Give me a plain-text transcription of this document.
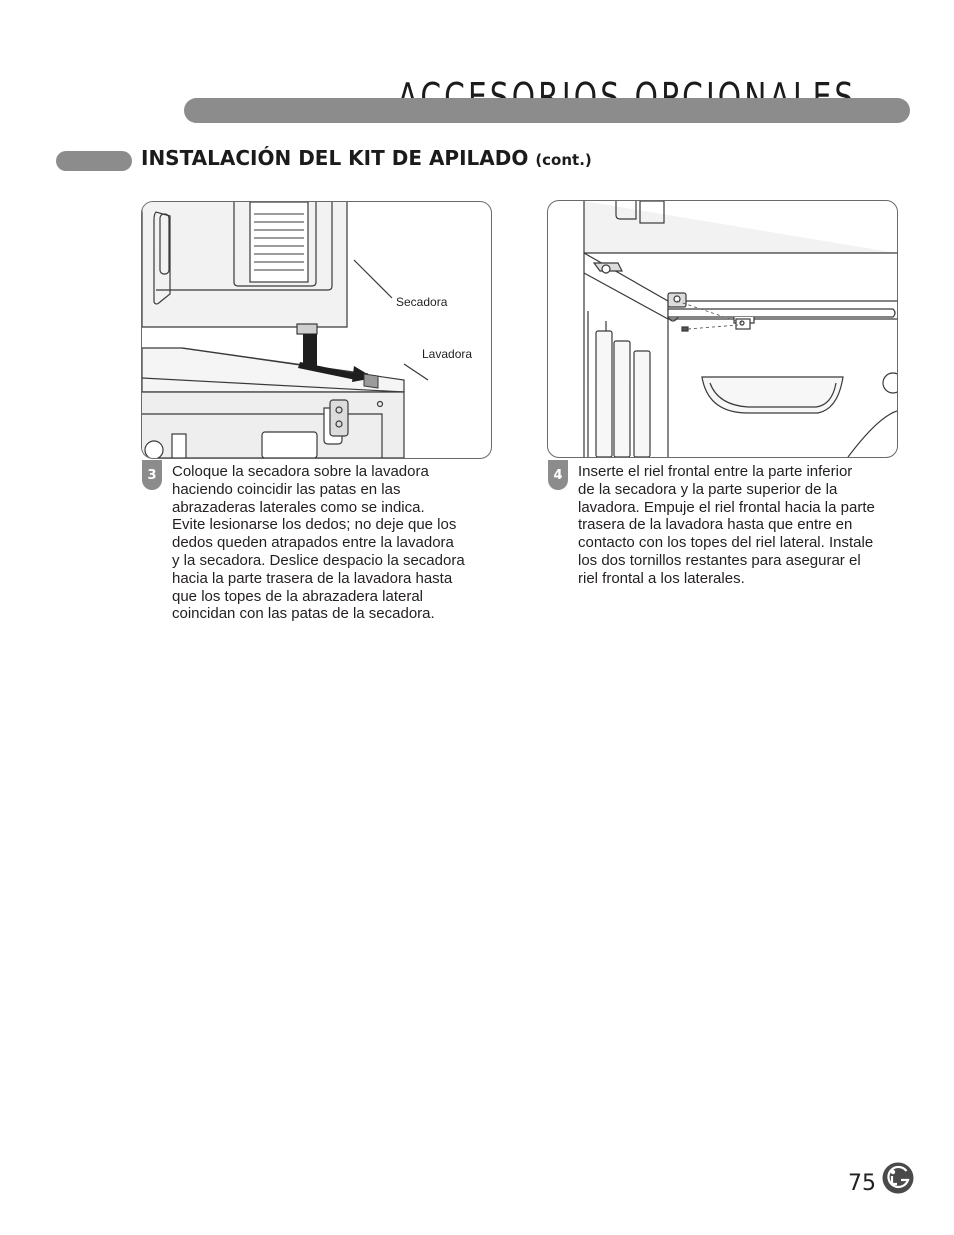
INSTALACIÓN DEL KIT DE APILADO (cont.)
Secadora
Lavadora
3	Coloque la secadora sobre la lavadora
haciendo coincidir las patas en las
abrazaderas laterales como se indica.
Evite lesionarse los dedos; no deje que los
dedos queden atrapados entre la lavadora
y la secadora. Deslice despacio la secadora
hacia la parte trasera de la lavadora hasta
que los topes de la abrazadera lateral
coincidan con las patas de la secadora.

4	Inserte el riel frontal entre la parte inferior
de la secadora y la parte superior de la
lavadora. Empuje el riel frontal hacia la parte
trasera de la lavadora hasta que entre en
contacto con los topes del riel lateral. Instale
los dos tornillos restantes para asegurar el
riel frontal a los laterales.

75
